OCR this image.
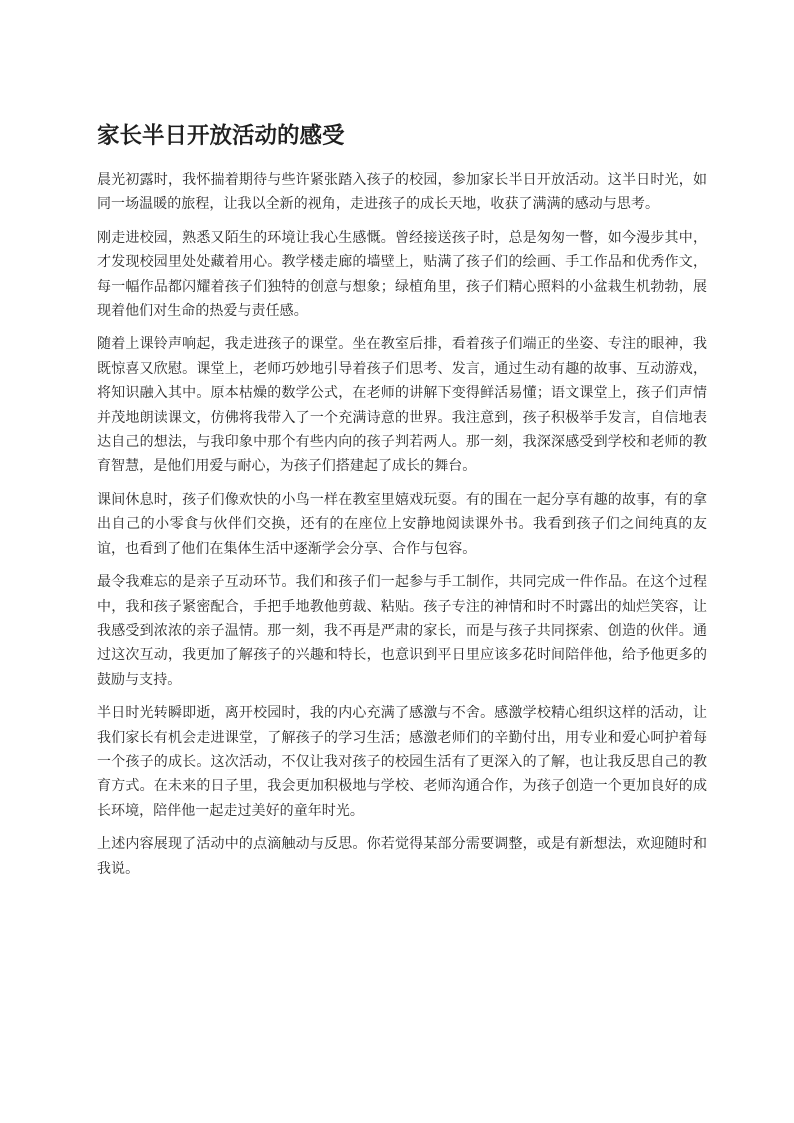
家长半日开放活动的感受

晨光初露时，我怀揣着期待与些许紧张踏入孩子的校园，参加家长半日开放活动。这半日时光，如同一场温暖的旅程，让我以全新的视角，走进孩子的成长天地，收获了满满的感动与思考。

刚走进校园，熟悉又陌生的环境让我心生感慨。曾经接送孩子时，总是匆匆一瞥，如今漫步其中，才发现校园里处处藏着用心。教学楼走廊的墙壁上，贴满了孩子们的绘画、手工作品和优秀作文，每一幅作品都闪耀着孩子们独特的创意与想象；绿植角里，孩子们精心照料的小盆栽生机勃勃，展现着他们对生命的热爱与责任感。

随着上课铃声响起，我走进孩子的课堂。坐在教室后排，看着孩子们端正的坐姿、专注的眼神，我既惊喜又欣慰。课堂上，老师巧妙地引导着孩子们思考、发言，通过生动有趣的故事、互动游戏，将知识融入其中。原本枯燥的数学公式，在老师的讲解下变得鲜活易懂；语文课堂上，孩子们声情并茂地朗读课文，仿佛将我带入了一个充满诗意的世界。我注意到，孩子积极举手发言，自信地表达自己的想法，与我印象中那个有些内向的孩子判若两人。那一刻，我深深感受到学校和老师的教育智慧，是他们用爱与耐心，为孩子们搭建起了成长的舞台。

课间休息时，孩子们像欢快的小鸟一样在教室里嬉戏玩耍。有的围在一起分享有趣的故事，有的拿出自己的小零食与伙伴们交换，还有的在座位上安静地阅读课外书。我看到孩子们之间纯真的友谊，也看到了他们在集体生活中逐渐学会分享、合作与包容。

最令我难忘的是亲子互动环节。我们和孩子们一起参与手工制作，共同完成一件作品。在这个过程中，我和孩子紧密配合，手把手地教他剪裁、粘贴。孩子专注的神情和时不时露出的灿烂笑容，让我感受到浓浓的亲子温情。那一刻，我不再是严肃的家长，而是与孩子共同探索、创造的伙伴。通过这次互动，我更加了解孩子的兴趣和特长，也意识到平日里应该多花时间陪伴他，给予他更多的鼓励与支持。

半日时光转瞬即逝，离开校园时，我的内心充满了感激与不舍。感激学校精心组织这样的活动，让我们家长有机会走进课堂，了解孩子的学习生活；感激老师们的辛勤付出，用专业和爱心呵护着每一个孩子的成长。这次活动，不仅让我对孩子的校园生活有了更深入的了解，也让我反思自己的教育方式。在未来的日子里，我会更加积极地与学校、老师沟通合作，为孩子创造一个更加良好的成长环境，陪伴他一起走过美好的童年时光。

上述内容展现了活动中的点滴触动与反思。你若觉得某部分需要调整，或是有新想法，欢迎随时和我说。
